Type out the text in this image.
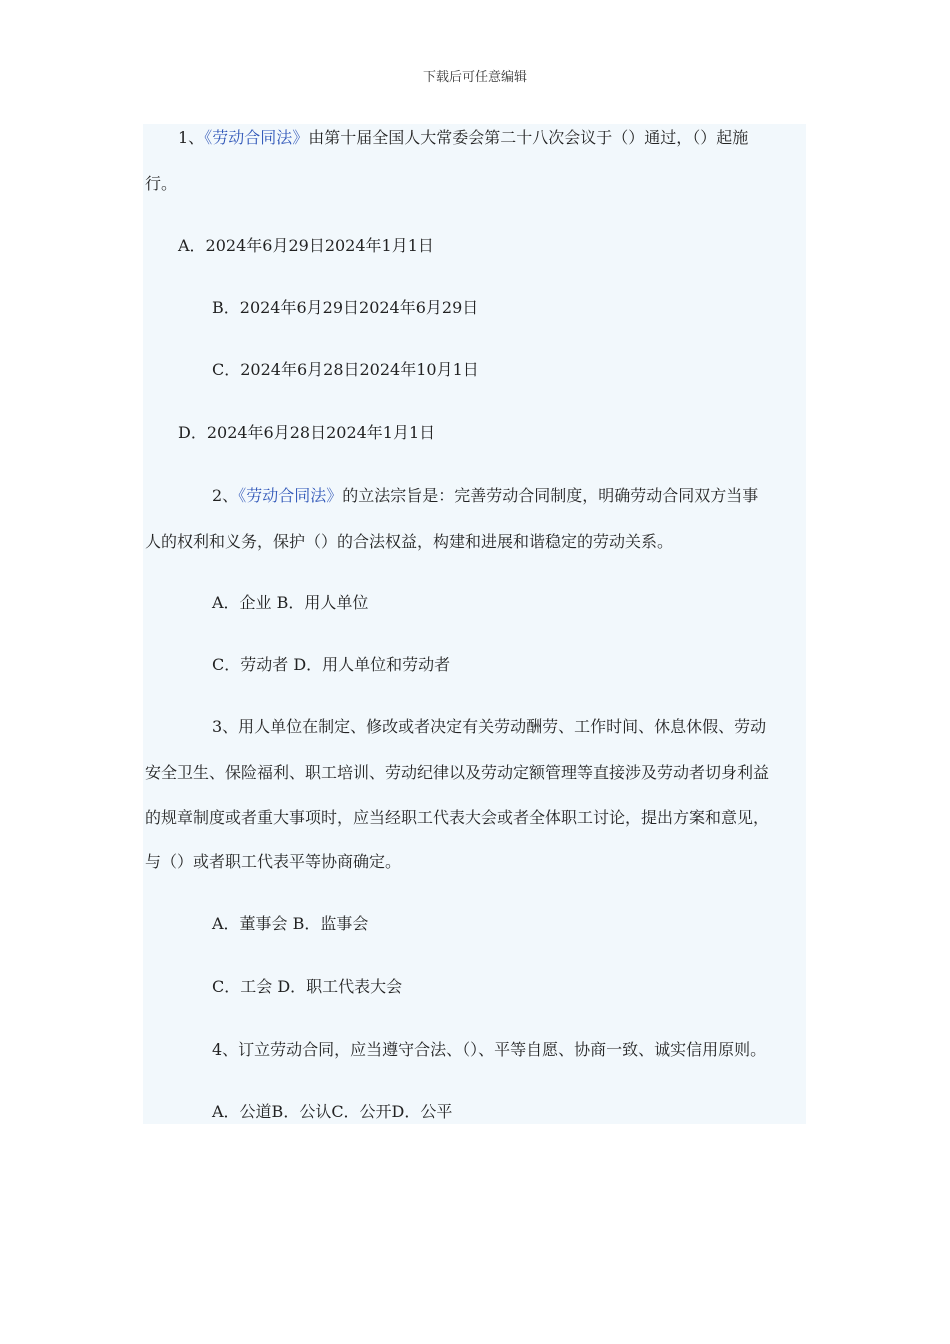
下载后可任意编辑
1、《劳动合同法》由第十届全国人大常委会第二十八次会议于（）通过，（）起施
行。
A．2024年6月29日2024年1月1日
B．2024年6月29日2024年6月29日
C．2024年6月28日2024年10月1日
D．2024年6月28日2024年1月1日
2、《劳动合同法》的立法宗旨是：完善劳动合同制度，明确劳动合同双方当事
人的权利和义务，保护（）的合法权益，构建和进展和谐稳定的劳动关系。
A．企业 B．用人单位
C．劳动者 D．用人单位和劳动者
3、用人单位在制定、修改或者决定有关劳动酬劳、工作时间、休息休假、劳动
安全卫生、保险福利、职工培训、劳动纪律以及劳动定额管理等直接涉及劳动者切身利益
的规章制度或者重大事项时，应当经职工代表大会或者全体职工讨论，提出方案和意见，
与（）或者职工代表平等协商确定。
A．董事会 B．监事会
C．工会 D．职工代表大会
4、订立劳动合同，应当遵守合法、（）、平等自愿、协商一致、诚实信用原则。
A．公道B．公认C．公开D．公平
